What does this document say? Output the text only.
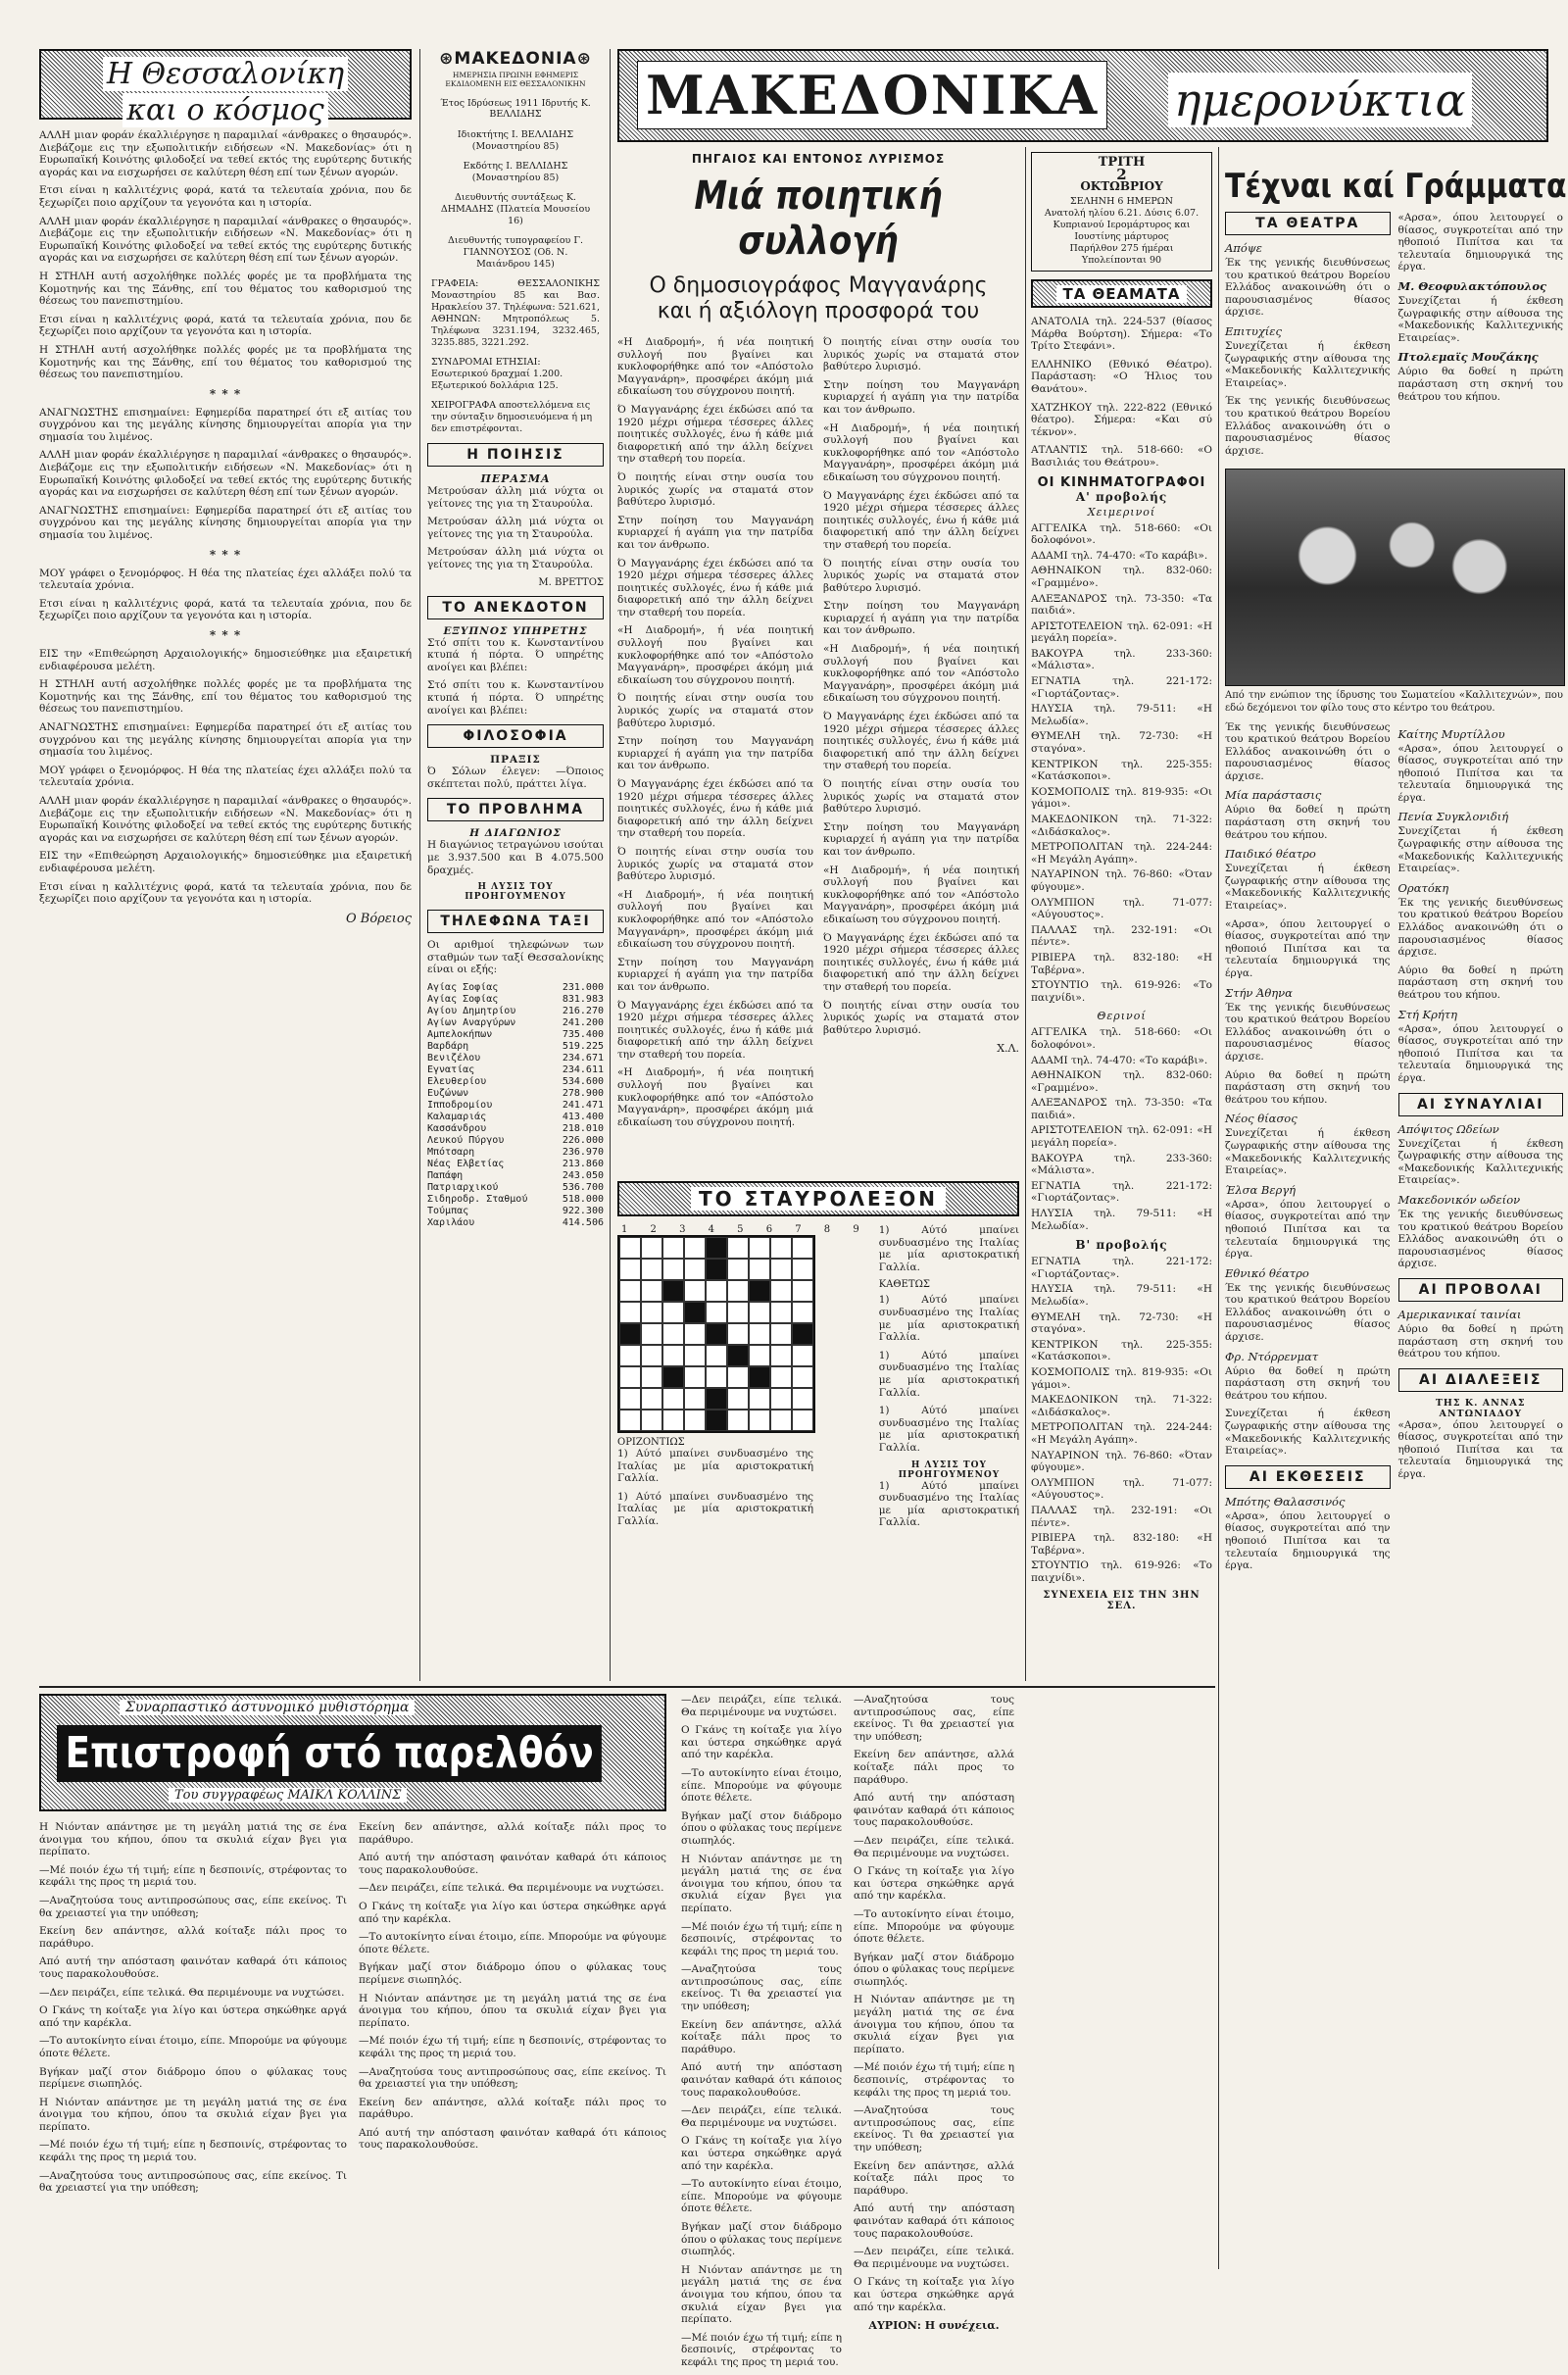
Η Θεσσαλονίκη
και ο κόσμος

ΑΛΛΗ μιαν φοράν έκαλλιέργησε η παραμιλαί «άνθρακες ο θησαυρός». Διεβάζομε εις την εξωπολιτικήν ειδήσεων «Ν. Μακεδονίας» ότι η Ευρωπαϊκή Κοινότης φιλοδοξεί να τεθεί εκτός της ευρύτερης δυτικής αγοράς και να εισχωρήσει σε καλύτερη θέση επί των ξένων αγορών.

Ετσι είναι η καλλιτέχνις φορά, κατά τα τελευταία χρόνια, που δε ξεχωρίζει ποιο αρχίζουν τα γεγονότα και η ιστορία.

ΑΛΛΗ μιαν φοράν έκαλλιέργησε η παραμιλαί «άνθρακες ο θησαυρός». Διεβάζομε εις την εξωπολιτικήν ειδήσεων «Ν. Μακεδονίας» ότι η Ευρωπαϊκή Κοινότης φιλοδοξεί να τεθεί εκτός της ευρύτερης δυτικής αγοράς και να εισχωρήσει σε καλύτερη θέση επί των ξένων αγορών.

Η ΣΤΗΛΗ αυτή ασχολήθηκε πολλές φορές με τα προβλήματα της Κομοτηνής και της Ξάνθης, επί του θέματος του καθορισμού της θέσεως του πανεπιστημίου.

Ετσι είναι η καλλιτέχνις φορά, κατά τα τελευταία χρόνια, που δε ξεχωρίζει ποιο αρχίζουν τα γεγονότα και η ιστορία.

Η ΣΤΗΛΗ αυτή ασχολήθηκε πολλές φορές με τα προβλήματα της Κομοτηνής και της Ξάνθης, επί του θέματος του καθορισμού της θέσεως του πανεπιστημίου.

* * *

ΑΝΑΓΝΩΣΤΗΣ επισημαίνει: Εφημερίδα παρατηρεί ότι εξ αιτίας του συγχρόνου και της μεγάλης κίνησης δημιουργείται απορία για την σημασία του λιμένος.

ΑΛΛΗ μιαν φοράν έκαλλιέργησε η παραμιλαί «άνθρακες ο θησαυρός». Διεβάζομε εις την εξωπολιτικήν ειδήσεων «Ν. Μακεδονίας» ότι η Ευρωπαϊκή Κοινότης φιλοδοξεί να τεθεί εκτός της ευρύτερης δυτικής αγοράς και να εισχωρήσει σε καλύτερη θέση επί των ξένων αγορών.

ΑΝΑΓΝΩΣΤΗΣ επισημαίνει: Εφημερίδα παρατηρεί ότι εξ αιτίας του συγχρόνου και της μεγάλης κίνησης δημιουργείται απορία για την σημασία του λιμένος.

* * *

ΜΟΥ γράφει ο ξενομόρφος. Η θέα της πλατείας έχει αλλάξει πολύ τα τελευταία χρόνια.

Ετσι είναι η καλλιτέχνις φορά, κατά τα τελευταία χρόνια, που δε ξεχωρίζει ποιο αρχίζουν τα γεγονότα και η ιστορία.

* * *

ΕΙΣ την «Επιθεώρηση Αρχαιολογικής» δημοσιεύθηκε μια εξαιρετική ενδιαφέρουσα μελέτη.

Η ΣΤΗΛΗ αυτή ασχολήθηκε πολλές φορές με τα προβλήματα της Κομοτηνής και της Ξάνθης, επί του θέματος του καθορισμού της θέσεως του πανεπιστημίου.

ΑΝΑΓΝΩΣΤΗΣ επισημαίνει: Εφημερίδα παρατηρεί ότι εξ αιτίας του συγχρόνου και της μεγάλης κίνησης δημιουργείται απορία για την σημασία του λιμένος.

ΜΟΥ γράφει ο ξενομόρφος. Η θέα της πλατείας έχει αλλάξει πολύ τα τελευταία χρόνια.

ΑΛΛΗ μιαν φοράν έκαλλιέργησε η παραμιλαί «άνθρακες ο θησαυρός». Διεβάζομε εις την εξωπολιτικήν ειδήσεων «Ν. Μακεδονίας» ότι η Ευρωπαϊκή Κοινότης φιλοδοξεί να τεθεί εκτός της ευρύτερης δυτικής αγοράς και να εισχωρήσει σε καλύτερη θέση επί των ξένων αγορών.

ΕΙΣ την «Επιθεώρηση Αρχαιολογικής» δημοσιεύθηκε μια εξαιρετική ενδιαφέρουσα μελέτη.

Ετσι είναι η καλλιτέχνις φορά, κατά τα τελευταία χρόνια, που δε ξεχωρίζει ποιο αρχίζουν τα γεγονότα και η ιστορία.

Ο Βόρειος
⊛ΜΑΚΕΔΟΝΙΑ⊛
ΗΜΕΡΗΣΙΑ ΠΡΩΙΝΗ ΕΦΗΜΕΡΙΣ ΕΚΔΙΔΟΜΕΝΗ ΕΙΣ ΘΕΣΣΑΛΟΝΙΚΗΝ
Έτος Ιδρύσεως 1911 Ιδρυτής Κ. ΒΕΛΛΙΔΗΣ
Ιδιοκτήτης Ι. ΒΕΛΛΙΔΗΣ (Μοναστηρίου 85)
Εκδότης Ι. ΒΕΛΛΙΔΗΣ (Μοναστηρίου 85)
Διευθυντής συντάξεως Κ. ΔΗΜΑΔΗΣ (Πλατεία Μουσείου 16)
Διευθυντής τυπογραφείου Γ. ΓΙΑΝΝΟΥΣΟΣ (Οδ. Ν. Μαιάνδρου 145)
ΓΡΑΦΕΙΑ: ΘΕΣΣΑΛΟΝΙΚΗΣ Μοναστηρίου 85 και Βασ. Ηρακλείου 37. Τηλέφωνα: 521.621, ΑΘΗΝΩΝ: Μητροπόλεως 5. Τηλέφωνα 3231.194, 3232.465, 3235.885, 3221.292.
ΣΥΝΔΡΟΜΑΙ ΕΤΗΣΙΑΙ: Εσωτερικού δραχμαί 1.200. Εξωτερικού δολλάρια 125.
ΧΕΙΡΟΓΡΑΦΑ αποστελλόμενα εις την σύνταξιν δημοσιευόμενα ή μη δεν επιστρέφονται.
Η ΠΟΙΗΣΙΣ
ΠΕΡΑΣΜΑ

Μετρούσαν άλλη μιά νύχτα οι γείτονες της για τη Σταυρούλα.

Μετρούσαν άλλη μιά νύχτα οι γείτονες της για τη Σταυρούλα.

Μετρούσαν άλλη μιά νύχτα οι γείτονες της για τη Σταυρούλα.

Μ. ΒΡΕΤΤΟΣ
ΤΟ ΑΝΕΚΔΟΤΟΝ
ΕΞΥΠΝΟΣ ΥΠΗΡΕΤΗΣ

Στό σπίτι του κ. Κωνσταντίνου κτυπά ή πόρτα. Ό υπηρέτης ανοίγει και βλέπει:

Στό σπίτι του κ. Κωνσταντίνου κτυπά ή πόρτα. Ό υπηρέτης ανοίγει και βλέπει:

ΦΙΛΟΣΟΦΙΑ
ΠΡΑΞΙΣ

Ό Σόλων έλεγεν: —Όποιος σκέπτεται πολύ, πράττει λίγα.

ΤΟ ΠΡΟΒΛΗΜΑ
Η ΔΙΑΓΩΝΙΟΣ

Η διαγώνιος τετραγώνου ισούται με 3.937.500 και Β 4.075.500 δραχμές.

Η ΛΥΣΙΣ ΤΟΥ ΠΡΟΗΓΟΥΜΕΝΟΥ
ΤΗΛΕΦΩΝΑ ΤΑΞΙ

Οι αριθμοί τηλεφώνων των σταθμών των ταξί Θεσσαλονίκης είναι οι εξής:

Αγίας Σοφίας	231.000
Αγίας Σοφίας	831.983
Αγίου Δημητρίου	216.270
Αγίων Αναργύρων	241.200
Αμπελοκήπων	735.400
Βαρδάρη	519.225
Βενιζέλου	234.671
Εγνατίας	234.611
Ελευθερίου	534.600
Ευζώνων	278.900
Ιπποδρομίου	241.471
Καλαμαριάς	413.400
Κασσάνδρου	218.010
Λευκού Πύργου	226.000
Μπότσαρη	236.970
Νέας Ελβετίας	213.860
Παπάφη	243.050
Πατριαρχικού	536.700
Σιδηροδρ. Σταθμού	518.000
Τούμπας	922.300
Χαριλάου	414.506
ΜΑΚΕΔΟΝΙΚΑ ημερονύκτια
ΠΗΓΑΙΟΣ ΚΑΙ ΕΝΤΟΝΟΣ ΛΥΡΙΣΜΟΣ
Μιά ποιητική συλλογή
Ο δημοσιογράφος Μαγγανάρης
και ή αξιόλογη προσφορά του

«Η Διαδρομή», ή νέα ποιητική συλλογή που βγαίνει και κυκλοφορήθηκε από τον «Απόστολο Μαγγανάρη», προσφέρει άκόμη μιά εδικαίωση του σύγχρονου ποιητή.

Ό Μαγγανάρης έχει έκδώσει από τα 1920 μέχρι σήμερα τέσσερες άλλες ποιητικές συλλογές, ένω ή κάθε μιά διαφορετική από την άλλη δείχνει την σταθερή του πορεία.

Ό ποιητής είναι στην ουσία του λυρικός χωρίς να σταματά στον βαθύτερο λυρισμό.

Στην ποίηση του Μαγγανάρη κυριαρχεί ή αγάπη για την πατρίδα και τον άνθρωπο.

Ό Μαγγανάρης έχει έκδώσει από τα 1920 μέχρι σήμερα τέσσερες άλλες ποιητικές συλλογές, ένω ή κάθε μιά διαφορετική από την άλλη δείχνει την σταθερή του πορεία.

«Η Διαδρομή», ή νέα ποιητική συλλογή που βγαίνει και κυκλοφορήθηκε από τον «Απόστολο Μαγγανάρη», προσφέρει άκόμη μιά εδικαίωση του σύγχρονου ποιητή.

Ό ποιητής είναι στην ουσία του λυρικός χωρίς να σταματά στον βαθύτερο λυρισμό.

Στην ποίηση του Μαγγανάρη κυριαρχεί ή αγάπη για την πατρίδα και τον άνθρωπο.

Ό Μαγγανάρης έχει έκδώσει από τα 1920 μέχρι σήμερα τέσσερες άλλες ποιητικές συλλογές, ένω ή κάθε μιά διαφορετική από την άλλη δείχνει την σταθερή του πορεία.

Ό ποιητής είναι στην ουσία του λυρικός χωρίς να σταματά στον βαθύτερο λυρισμό.

«Η Διαδρομή», ή νέα ποιητική συλλογή που βγαίνει και κυκλοφορήθηκε από τον «Απόστολο Μαγγανάρη», προσφέρει άκόμη μιά εδικαίωση του σύγχρονου ποιητή.

Στην ποίηση του Μαγγανάρη κυριαρχεί ή αγάπη για την πατρίδα και τον άνθρωπο.

Ό Μαγγανάρης έχει έκδώσει από τα 1920 μέχρι σήμερα τέσσερες άλλες ποιητικές συλλογές, ένω ή κάθε μιά διαφορετική από την άλλη δείχνει την σταθερή του πορεία.

«Η Διαδρομή», ή νέα ποιητική συλλογή που βγαίνει και κυκλοφορήθηκε από τον «Απόστολο Μαγγανάρη», προσφέρει άκόμη μιά εδικαίωση του σύγχρονου ποιητή.

Ό ποιητής είναι στην ουσία του λυρικός χωρίς να σταματά στον βαθύτερο λυρισμό.

Στην ποίηση του Μαγγανάρη κυριαρχεί ή αγάπη για την πατρίδα και τον άνθρωπο.

«Η Διαδρομή», ή νέα ποιητική συλλογή που βγαίνει και κυκλοφορήθηκε από τον «Απόστολο Μαγγανάρη», προσφέρει άκόμη μιά εδικαίωση του σύγχρονου ποιητή.

Ό Μαγγανάρης έχει έκδώσει από τα 1920 μέχρι σήμερα τέσσερες άλλες ποιητικές συλλογές, ένω ή κάθε μιά διαφορετική από την άλλη δείχνει την σταθερή του πορεία.

Ό ποιητής είναι στην ουσία του λυρικός χωρίς να σταματά στον βαθύτερο λυρισμό.

Στην ποίηση του Μαγγανάρη κυριαρχεί ή αγάπη για την πατρίδα και τον άνθρωπο.

«Η Διαδρομή», ή νέα ποιητική συλλογή που βγαίνει και κυκλοφορήθηκε από τον «Απόστολο Μαγγανάρη», προσφέρει άκόμη μιά εδικαίωση του σύγχρονου ποιητή.

Ό Μαγγανάρης έχει έκδώσει από τα 1920 μέχρι σήμερα τέσσερες άλλες ποιητικές συλλογές, ένω ή κάθε μιά διαφορετική από την άλλη δείχνει την σταθερή του πορεία.

Ό ποιητής είναι στην ουσία του λυρικός χωρίς να σταματά στον βαθύτερο λυρισμό.

Στην ποίηση του Μαγγανάρη κυριαρχεί ή αγάπη για την πατρίδα και τον άνθρωπο.

«Η Διαδρομή», ή νέα ποιητική συλλογή που βγαίνει και κυκλοφορήθηκε από τον «Απόστολο Μαγγανάρη», προσφέρει άκόμη μιά εδικαίωση του σύγχρονου ποιητή.

Ό Μαγγανάρης έχει έκδώσει από τα 1920 μέχρι σήμερα τέσσερες άλλες ποιητικές συλλογές, ένω ή κάθε μιά διαφορετική από την άλλη δείχνει την σταθερή του πορεία.

Ό ποιητής είναι στην ουσία του λυρικός χωρίς να σταματά στον βαθύτερο λυρισμό.

Χ.Λ.
ΤΟ ΣΤΑΥΡΟΛΕΞΟΝ
1 2 3 4 5 6 7 8 9
ΟΡΙΖΟΝΤΙΩΣ

1) Αύτό μπαίνει συνδυασμένο της Ιταλίας με μία αριστοκρατική Γαλλία.

1) Αύτό μπαίνει συνδυασμένο της Ιταλίας με μία αριστοκρατική Γαλλία.

1) Αύτό μπαίνει συνδυασμένο της Ιταλίας με μία αριστοκρατική Γαλλία.

ΚΑΘΕΤΩΣ

1) Αύτό μπαίνει συνδυασμένο της Ιταλίας με μία αριστοκρατική Γαλλία.

1) Αύτό μπαίνει συνδυασμένο της Ιταλίας με μία αριστοκρατική Γαλλία.

1) Αύτό μπαίνει συνδυασμένο της Ιταλίας με μία αριστοκρατική Γαλλία.

Η ΛΥΣΙΣ ΤΟΥ ΠΡΟΗΓΟΥΜΕΝΟΥ

1) Αύτό μπαίνει συνδυασμένο της Ιταλίας με μία αριστοκρατική Γαλλία.

ΤΡΙΤΗ
2
ΟΚΤΩΒΡΙΟΥ
ΣΕΛΗΝΗ 6 ΗΜΕΡΩΝ
Ανατολή ηλίου 6.21. Δύσις 6.07.
Κυπριανού Ιερομάρτυρος και Ιουστίνης μάρτυρος
Παρήλθον 275 ήμέραι
Υπολείπονται 90
ΤΑ ΘΕΑΜΑΤΑ

ΑΝΑΤΟΛΙΑ τηλ. 224-537 (θίασος Μάρθα Βούρτση). Σήμερα: «Το Τρίτο Στεφάνι».

ΕΛΛΗΝΙΚΟ (Εθνικό Θέατρο). Παράσταση: «Ο Ήλιος του Θανάτου».

ΧΑΤΖΗΚΟΥ τηλ. 222-822 (Εθνικό θέατρο). Σήμερα: «Και σύ τέκνον».

ΑΤΛΑΝΤΙΣ τηλ. 518-660: «Ο Βασιλιάς του Θεάτρου».

ΟΙ ΚΙΝΗΜΑΤΟΓΡΑΦΟΙ
Α' προβολής
Χειμερινοί

ΑΓΓΕΛΙΚΑ τηλ. 518-660: «Οι δολοφόνοι».

ΑΔΑΜΙ τηλ. 74-470: «Το καράβι».

ΑΘΗΝΑΙΚΟΝ τηλ. 832-060: «Γραμμένο».

ΑΛΕΞΑΝΔΡΟΣ τηλ. 73-350: «Τα παιδιά».

ΑΡΙΣΤΟΤΕΛΕΙΟΝ τηλ. 62-091: «Η μεγάλη πορεία».

ΒΑΚΟΥΡΑ τηλ. 233-360: «Μάλιστα».

ΕΓΝΑΤΙΑ τηλ. 221-172: «Γιορτάζοντας».

ΗΛΥΣΙΑ τηλ. 79-511: «Η Μελωδία».

ΘΥΜΕΛΗ τηλ. 72-730: «Η σταγόνα».

ΚΕΝΤΡΙΚΟΝ τηλ. 225-355: «Κατάσκοποι».

ΚΟΣΜΟΠΟΛΙΣ τηλ. 819-935: «Οι γάμοι».

ΜΑΚΕΔΟΝΙΚΟΝ τηλ. 71-322: «Διδάσκαλος».

ΜΕΤΡΟΠΟΛΙΤΑΝ τηλ. 224-244: «Η Μεγάλη Αγάπη».

ΝΑΥΑΡΙΝΟΝ τηλ. 76-860: «Όταν φύγουμε».

ΟΛΥΜΠΙΟΝ τηλ. 71-077: «Αύγουστος».

ΠΑΛΛΑΣ τηλ. 232-191: «Οι πέντε».

ΡΙΒΙΕΡΑ τηλ. 832-180: «Η Ταβέρνα».

ΣΤΟΥΝΤΙΟ τηλ. 619-926: «Το παιχνίδι».

Θερινοί

ΑΓΓΕΛΙΚΑ τηλ. 518-660: «Οι δολοφόνοι».

ΑΔΑΜΙ τηλ. 74-470: «Το καράβι».

ΑΘΗΝΑΙΚΟΝ τηλ. 832-060: «Γραμμένο».

ΑΛΕΞΑΝΔΡΟΣ τηλ. 73-350: «Τα παιδιά».

ΑΡΙΣΤΟΤΕΛΕΙΟΝ τηλ. 62-091: «Η μεγάλη πορεία».

ΒΑΚΟΥΡΑ τηλ. 233-360: «Μάλιστα».

ΕΓΝΑΤΙΑ τηλ. 221-172: «Γιορτάζοντας».

ΗΛΥΣΙΑ τηλ. 79-511: «Η Μελωδία».

Β' προβολής

ΕΓΝΑΤΙΑ τηλ. 221-172: «Γιορτάζοντας».

ΗΛΥΣΙΑ τηλ. 79-511: «Η Μελωδία».

ΘΥΜΕΛΗ τηλ. 72-730: «Η σταγόνα».

ΚΕΝΤΡΙΚΟΝ τηλ. 225-355: «Κατάσκοποι».

ΚΟΣΜΟΠΟΛΙΣ τηλ. 819-935: «Οι γάμοι».

ΜΑΚΕΔΟΝΙΚΟΝ τηλ. 71-322: «Διδάσκαλος».

ΜΕΤΡΟΠΟΛΙΤΑΝ τηλ. 224-244: «Η Μεγάλη Αγάπη».

ΝΑΥΑΡΙΝΟΝ τηλ. 76-860: «Όταν φύγουμε».

ΟΛΥΜΠΙΟΝ τηλ. 71-077: «Αύγουστος».

ΠΑΛΛΑΣ τηλ. 232-191: «Οι πέντε».

ΡΙΒΙΕΡΑ τηλ. 832-180: «Η Ταβέρνα».

ΣΤΟΥΝΤΙΟ τηλ. 619-926: «Το παιχνίδι».

ΣΥΝΕΧΕΙΑ ΕΙΣ ΤΗΝ 3ΗΝ ΣΕΛ.
Τέχναι καί Γράμματα
ΤΑ ΘΕΑΤΡΑ
Απόψε

Έκ της γενικής διευθύνσεως του κρατικού θεάτρου Βορείου Ελλάδος ανακοινώθη ότι ο παρουσιασμένος θίασος άρχισε.

Επιτυχίες

Συνεχίζεται ή έκθεση ζωγραφικής στην αίθουσα της «Μακεδονικής Καλλιτεχνικής Εταιρείας».

Έκ της γενικής διευθύνσεως του κρατικού θεάτρου Βορείου Ελλάδος ανακοινώθη ότι ο παρουσιασμένος θίασος άρχισε.

«Αρσα», όπου λειτουργεί ο θίασος, συγκροτείται από την ηθοποιό Πιπίτσα και τα τελευταία δημιουργικά της έργα.

Μ. Θεοφυλακτόπουλος

Συνεχίζεται ή έκθεση ζωγραφικής στην αίθουσα της «Μακεδονικής Καλλιτεχνικής Εταιρείας».

Πτολεμαϊς Μουζάκης

Αύριο θα δοθεί η πρώτη παράσταση στη σκηνή του θεάτρου του κήπου.

Από την ενώπιον της ίδρυσης του Σωματείου «Καλλιτεχνών», που εδώ δεχόμενοι τον φίλο τους στο κέντρο του θεάτρου.

Έκ της γενικής διευθύνσεως του κρατικού θεάτρου Βορείου Ελλάδος ανακοινώθη ότι ο παρουσιασμένος θίασος άρχισε.

Μία παράστασις

Αύριο θα δοθεί η πρώτη παράσταση στη σκηνή του θεάτρου του κήπου.

Παιδικό θέατρο

Συνεχίζεται ή έκθεση ζωγραφικής στην αίθουσα της «Μακεδονικής Καλλιτεχνικής Εταιρείας».

«Αρσα», όπου λειτουργεί ο θίασος, συγκροτείται από την ηθοποιό Πιπίτσα και τα τελευταία δημιουργικά της έργα.

Στήν Άθηνα

Έκ της γενικής διευθύνσεως του κρατικού θεάτρου Βορείου Ελλάδος ανακοινώθη ότι ο παρουσιασμένος θίασος άρχισε.

Αύριο θα δοθεί η πρώτη παράσταση στη σκηνή του θεάτρου του κήπου.

Νέος θίασος

Συνεχίζεται ή έκθεση ζωγραφικής στην αίθουσα της «Μακεδονικής Καλλιτεχνικής Εταιρείας».

Έλσα Βεργή

«Αρσα», όπου λειτουργεί ο θίασος, συγκροτείται από την ηθοποιό Πιπίτσα και τα τελευταία δημιουργικά της έργα.

Εθνικό θέατρο

Έκ της γενικής διευθύνσεως του κρατικού θεάτρου Βορείου Ελλάδος ανακοινώθη ότι ο παρουσιασμένος θίασος άρχισε.

Φρ. Ντόρρενματ

Αύριο θα δοθεί η πρώτη παράσταση στη σκηνή του θεάτρου του κήπου.

Συνεχίζεται ή έκθεση ζωγραφικής στην αίθουσα της «Μακεδονικής Καλλιτεχνικής Εταιρείας».

ΑΙ ΕΚΘΕΣΕΙΣ
Μπότης Θαλασσινός

«Αρσα», όπου λειτουργεί ο θίασος, συγκροτείται από την ηθοποιό Πιπίτσα και τα τελευταία δημιουργικά της έργα.

Καίτης Μυρτίλλου

«Αρσα», όπου λειτουργεί ο θίασος, συγκροτείται από την ηθοποιό Πιπίτσα και τα τελευταία δημιουργικά της έργα.

Πενία Συγκλονιδιή

Συνεχίζεται ή έκθεση ζωγραφικής στην αίθουσα της «Μακεδονικής Καλλιτεχνικής Εταιρείας».

Ορατόκη

Έκ της γενικής διευθύνσεως του κρατικού θεάτρου Βορείου Ελλάδος ανακοινώθη ότι ο παρουσιασμένος θίασος άρχισε.

Αύριο θα δοθεί η πρώτη παράσταση στη σκηνή του θεάτρου του κήπου.

Στή Κρήτη

«Αρσα», όπου λειτουργεί ο θίασος, συγκροτείται από την ηθοποιό Πιπίτσα και τα τελευταία δημιουργικά της έργα.

ΑΙ ΣΥΝΑΥΛΙΑΙ
Απόψιτος Ωδείων

Συνεχίζεται ή έκθεση ζωγραφικής στην αίθουσα της «Μακεδονικής Καλλιτεχνικής Εταιρείας».

Μακεδονικόν ωδείον

Έκ της γενικής διευθύνσεως του κρατικού θεάτρου Βορείου Ελλάδος ανακοινώθη ότι ο παρουσιασμένος θίασος άρχισε.

ΑΙ ΠΡΟΒΟΛΑΙ
Αμερικανικαί ταινίαι

Αύριο θα δοθεί η πρώτη παράσταση στη σκηνή του θεάτρου του κήπου.

ΑΙ ΔΙΑΛΕΞΕΙΣ
ΤΗΣ Κ. ΑΝΝΑΣ ΑΝΤΩΝΙΑΔΟΥ

«Αρσα», όπου λειτουργεί ο θίασος, συγκροτείται από την ηθοποιό Πιπίτσα και τα τελευταία δημιουργικά της έργα.

Συναρπαστικό άστυνομικό μυθιστόρημα
Επιστροφή στό παρελθόν
Του συγγραφέως ΜΑΙΚΛ ΚΟΛΛΙΝΣ

Η Νιόνταν απάντησε με τη μεγάλη ματιά της σε ένα άνοιγμα του κήπου, όπου τα σκυλιά είχαν βγει για περίπατο.

—Μέ ποιόν έχω τή τιμή; είπε η δεσποινίς, στρέφοντας το κεφάλι της προς τη μεριά του.

—Αναζητούσα τους αντιπροσώπους σας, είπε εκείνος. Τι θα χρειαστεί για την υπόθεση;

Εκείνη δεν απάντησε, αλλά κοίταξε πάλι προς το παράθυρο.

Από αυτή την απόσταση φαινόταν καθαρά ότι κάποιος τους παρακολουθούσε.

—Δεν πειράζει, είπε τελικά. Θα περιμένουμε να νυχτώσει.

Ο Γκάνς τη κοίταξε για λίγο και ύστερα σηκώθηκε αργά από την καρέκλα.

—Το αυτοκίνητο είναι έτοιμο, είπε. Μπορούμε να φύγουμε όποτε θέλετε.

Βγήκαν μαζί στον διάδρομο όπου ο φύλακας τους περίμενε σιωπηλός.

Η Νιόνταν απάντησε με τη μεγάλη ματιά της σε ένα άνοιγμα του κήπου, όπου τα σκυλιά είχαν βγει για περίπατο.

—Μέ ποιόν έχω τή τιμή; είπε η δεσποινίς, στρέφοντας το κεφάλι της προς τη μεριά του.

—Αναζητούσα τους αντιπροσώπους σας, είπε εκείνος. Τι θα χρειαστεί για την υπόθεση;

Εκείνη δεν απάντησε, αλλά κοίταξε πάλι προς το παράθυρο.

Από αυτή την απόσταση φαινόταν καθαρά ότι κάποιος τους παρακολουθούσε.

—Δεν πειράζει, είπε τελικά. Θα περιμένουμε να νυχτώσει.

Ο Γκάνς τη κοίταξε για λίγο και ύστερα σηκώθηκε αργά από την καρέκλα.

—Το αυτοκίνητο είναι έτοιμο, είπε. Μπορούμε να φύγουμε όποτε θέλετε.

Βγήκαν μαζί στον διάδρομο όπου ο φύλακας τους περίμενε σιωπηλός.

Η Νιόνταν απάντησε με τη μεγάλη ματιά της σε ένα άνοιγμα του κήπου, όπου τα σκυλιά είχαν βγει για περίπατο.

—Μέ ποιόν έχω τή τιμή; είπε η δεσποινίς, στρέφοντας το κεφάλι της προς τη μεριά του.

—Αναζητούσα τους αντιπροσώπους σας, είπε εκείνος. Τι θα χρειαστεί για την υπόθεση;

Εκείνη δεν απάντησε, αλλά κοίταξε πάλι προς το παράθυρο.

Από αυτή την απόσταση φαινόταν καθαρά ότι κάποιος τους παρακολουθούσε.

—Δεν πειράζει, είπε τελικά. Θα περιμένουμε να νυχτώσει.

Ο Γκάνς τη κοίταξε για λίγο και ύστερα σηκώθηκε αργά από την καρέκλα.

—Το αυτοκίνητο είναι έτοιμο, είπε. Μπορούμε να φύγουμε όποτε θέλετε.

Βγήκαν μαζί στον διάδρομο όπου ο φύλακας τους περίμενε σιωπηλός.

Η Νιόνταν απάντησε με τη μεγάλη ματιά της σε ένα άνοιγμα του κήπου, όπου τα σκυλιά είχαν βγει για περίπατο.

—Μέ ποιόν έχω τή τιμή; είπε η δεσποινίς, στρέφοντας το κεφάλι της προς τη μεριά του.

—Αναζητούσα τους αντιπροσώπους σας, είπε εκείνος. Τι θα χρειαστεί για την υπόθεση;

Εκείνη δεν απάντησε, αλλά κοίταξε πάλι προς το παράθυρο.

Από αυτή την απόσταση φαινόταν καθαρά ότι κάποιος τους παρακολουθούσε.

—Δεν πειράζει, είπε τελικά. Θα περιμένουμε να νυχτώσει.

Ο Γκάνς τη κοίταξε για λίγο και ύστερα σηκώθηκε αργά από την καρέκλα.

—Το αυτοκίνητο είναι έτοιμο, είπε. Μπορούμε να φύγουμε όποτε θέλετε.

Βγήκαν μαζί στον διάδρομο όπου ο φύλακας τους περίμενε σιωπηλός.

Η Νιόνταν απάντησε με τη μεγάλη ματιά της σε ένα άνοιγμα του κήπου, όπου τα σκυλιά είχαν βγει για περίπατο.

—Μέ ποιόν έχω τή τιμή; είπε η δεσποινίς, στρέφοντας το κεφάλι της προς τη μεριά του.

—Αναζητούσα τους αντιπροσώπους σας, είπε εκείνος. Τι θα χρειαστεί για την υπόθεση;

Εκείνη δεν απάντησε, αλλά κοίταξε πάλι προς το παράθυρο.

Από αυτή την απόσταση φαινόταν καθαρά ότι κάποιος τους παρακολουθούσε.

—Δεν πειράζει, είπε τελικά. Θα περιμένουμε να νυχτώσει.

Ο Γκάνς τη κοίταξε για λίγο και ύστερα σηκώθηκε αργά από την καρέκλα.

—Το αυτοκίνητο είναι έτοιμο, είπε. Μπορούμε να φύγουμε όποτε θέλετε.

Βγήκαν μαζί στον διάδρομο όπου ο φύλακας τους περίμενε σιωπηλός.

Η Νιόνταν απάντησε με τη μεγάλη ματιά της σε ένα άνοιγμα του κήπου, όπου τα σκυλιά είχαν βγει για περίπατο.

—Μέ ποιόν έχω τή τιμή; είπε η δεσποινίς, στρέφοντας το κεφάλι της προς τη μεριά του.

—Αναζητούσα τους αντιπροσώπους σας, είπε εκείνος. Τι θα χρειαστεί για την υπόθεση;

Εκείνη δεν απάντησε, αλλά κοίταξε πάλι προς το παράθυρο.

Από αυτή την απόσταση φαινόταν καθαρά ότι κάποιος τους παρακολουθούσε.

—Δεν πειράζει, είπε τελικά. Θα περιμένουμε να νυχτώσει.

Ο Γκάνς τη κοίταξε για λίγο και ύστερα σηκώθηκε αργά από την καρέκλα.

ΑΥΡΙΟΝ: Η συνέχεια.
